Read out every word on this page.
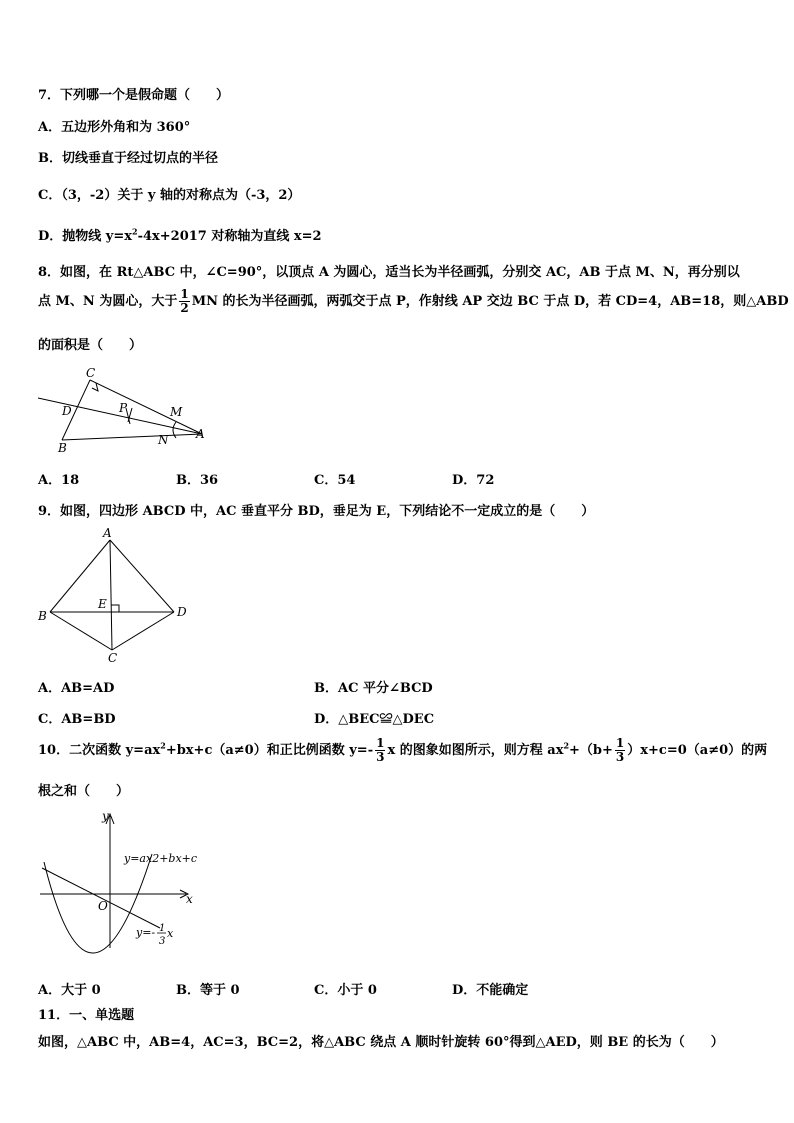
7．下列哪一个是假命题（　　）
A．五边形外角和为 360°
B．切线垂直于经过切点的半径
C．（3，-2）关于 y 轴的对称点为（-3，2）
D．抛物线 $y=x^2-4x+2017$ 对称轴为直线 x=2
8．如图，在 Rt△ABC 中，∠C=90°，以顶点 A 为圆心，适当长为半径画弧，分别交 AC，AB 于点 M、N，再分别以
点 M、N 为圆心，大于 $\frac{1}{2}$ MN 的长为半径画弧，两弧交于点 P，作射线 AP 交边 BC 于点 D，若 CD=4，AB=18，则△ABD
的面积是（　　）
C
D	P	M
B
N A
A．18	B．36	C．54	D．72
9．如图，四边形 ABCD 中，AC 垂直平分 BD，垂足为 E，下列结论不一定成立的是（　　）
A
B
C
D
E
A．AB=AD	B．AC 平分∠BCD
C．AB=BD	D．△BEC≌△DEC
10．二次函数 $y=ax^2+bx+c(a\ne 0)$和正比例函数 $y=- \frac{1}{3}$ x 的图象如图所示，则方程 $ax^2+(b+ \frac{1}{3} )x+c=0(a\ne 0)$的两
根之和（　　）
y
x
O
y=ax2+bx+c
y=- 1
3
x
A．大于 0	B．等于 0	C．小于 0	D．不能确定
11．一、单选题
如图，△ABC 中，AB=4，AC=3，BC=2，将△ABC 绕点 A 顺时针旋转 60°得到△AED，则 BE 的长为（　　）
